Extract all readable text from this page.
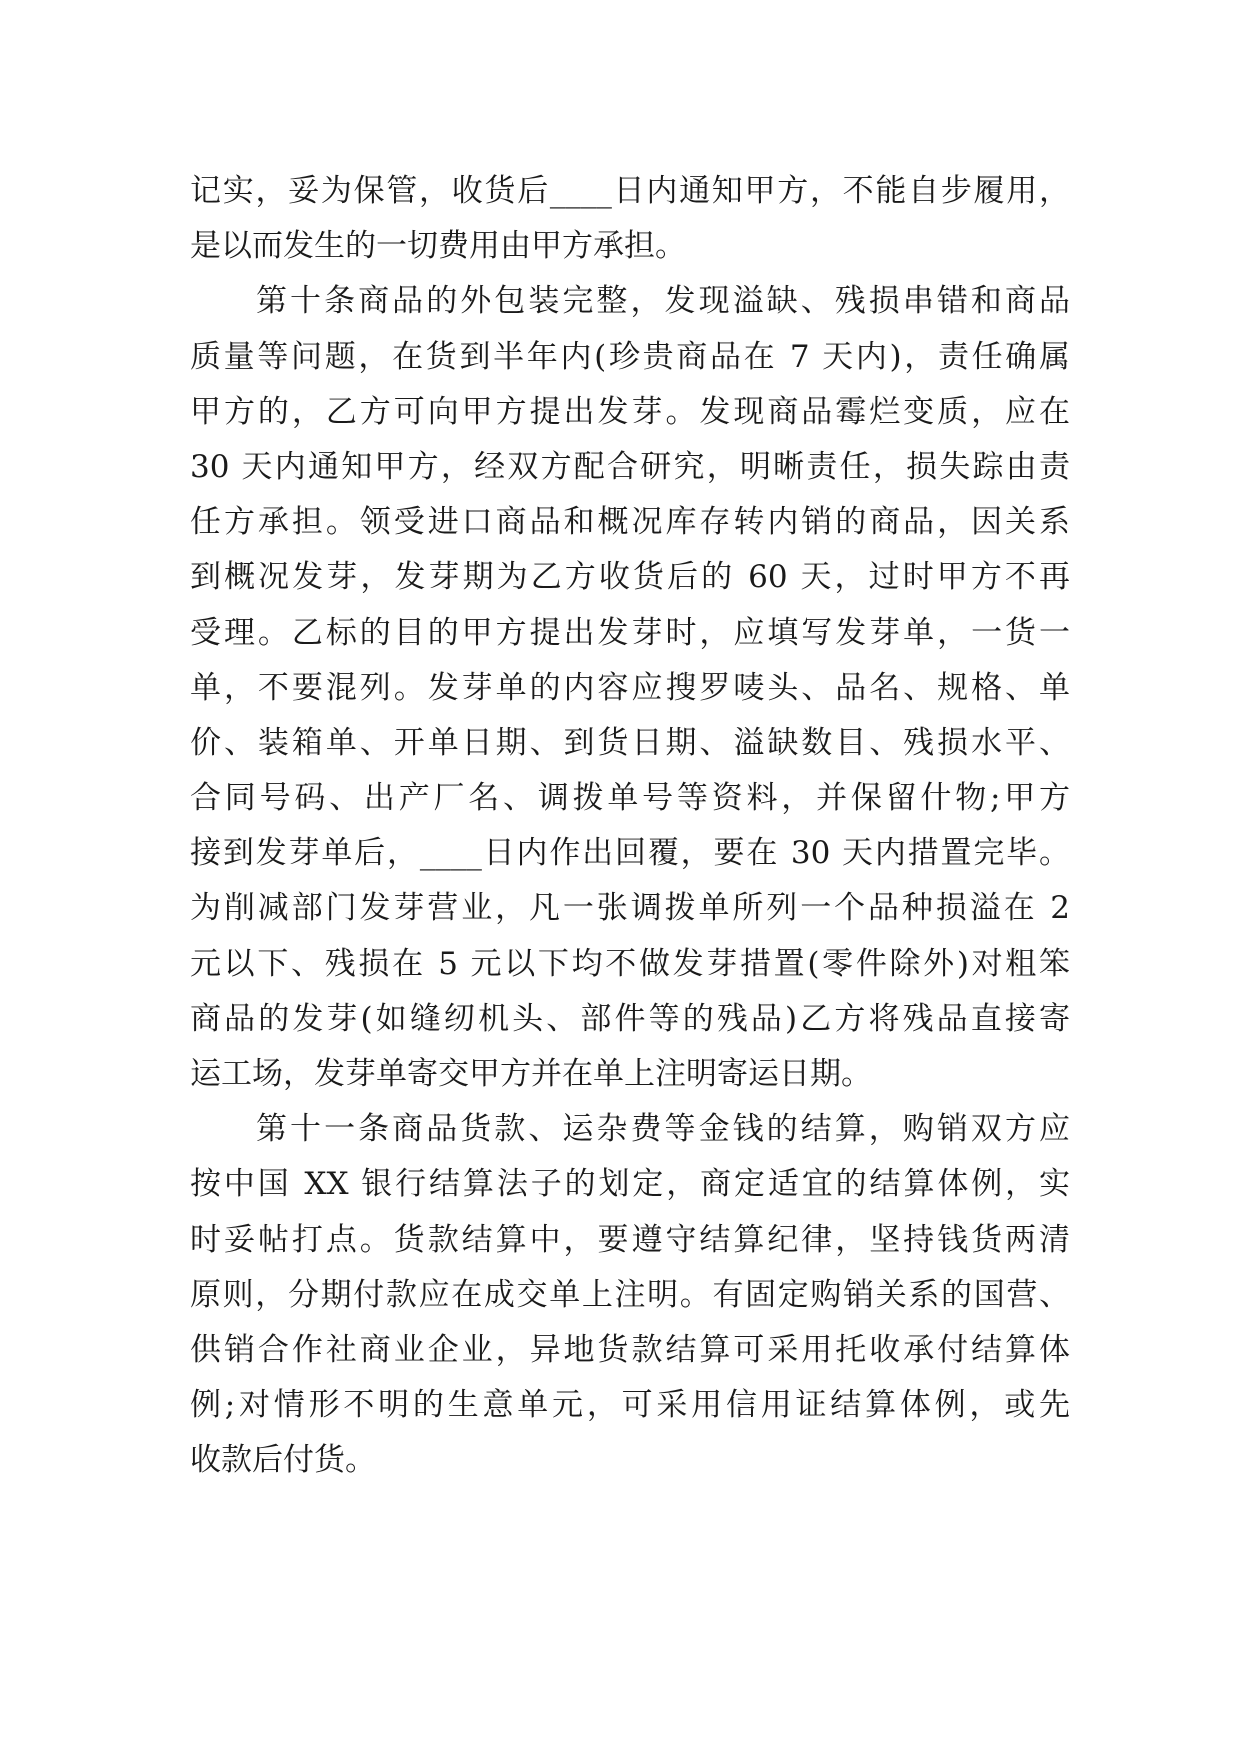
记实，妥为保管，收货后____日内通知甲方，不能自步履用，
是以而发生的一切费用由甲方承担。
第十条商品的外包装完整，发现溢缺、残损串错和商品
质量等问题，在货到半年内(珍贵商品在 7 天内)，责任确属
甲方的，乙方可向甲方提出发芽。发现商品霉烂变质，应在
30 天内通知甲方，经双方配合研究，明晰责任，损失踪由责
任方承担。领受进口商品和概况库存转内销的商品，因关系
到概况发芽，发芽期为乙方收货后的 60 天，过时甲方不再
受理。乙标的目的甲方提出发芽时，应填写发芽单，一货一
单，不要混列。发芽单的内容应搜罗唛头、品名、规格、单
价、装箱单、开单日期、到货日期、溢缺数目、残损水平、
合同号码、出产厂名、调拨单号等资料，并保留什物;甲方
接到发芽单后，____日内作出回覆，要在 30 天内措置完毕。
为削减部门发芽营业，凡一张调拨单所列一个品种损溢在 2
元以下、残损在 5 元以下均不做发芽措置(零件除外)对粗笨
商品的发芽(如缝纫机头、部件等的残品)乙方将残品直接寄
运工场，发芽单寄交甲方并在单上注明寄运日期。
第十一条商品货款、运杂费等金钱的结算，购销双方应
按中国 XX 银行结算法子的划定，商定适宜的结算体例，实
时妥帖打点。货款结算中，要遵守结算纪律，坚持钱货两清
原则，分期付款应在成交单上注明。有固定购销关系的国营、
供销合作社商业企业，异地货款结算可采用托收承付结算体
例;对情形不明的生意单元，可采用信用证结算体例，或先
收款后付货。
